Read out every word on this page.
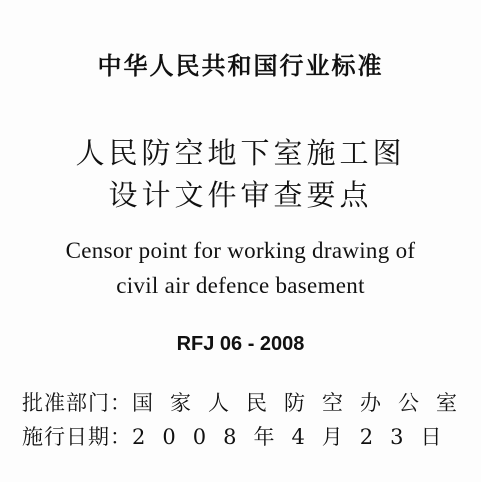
中华人民共和国行业标准
人民防空地下室施工图
设计文件审查要点
Censor point for working drawing of
civil air defence basement
RFJ 06 - 2008
批准部门： 国家人民防空办公室
施行日期： 2008年4月23日
